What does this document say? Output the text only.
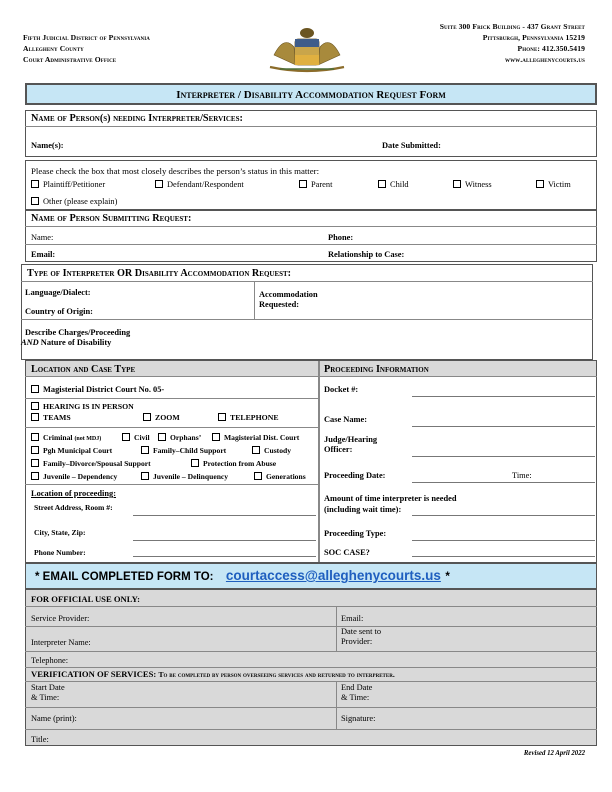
Fifth Judicial District of Pennsylvania
Allegheny County
Court Administrative Office
Suite 300 Frick Building - 437 Grant Street
Pittsburgh, Pennsylvania 15219
Phone: 412.350.5419
www.alleghenycourts.us
Interpreter / Disability Accommodation Request Form
Name of Person(s) needing Interpreter/Services:
Name(s):	Date Submitted:
Please check the box that most closely describes the person’s status in this matter:
Plaintiff/Petitioner	Defendant/Respondent	Parent	Child	Witness	Victim
Other (please explain)
Name of Person Submitting Request:
Name:	Phone:
Email:	Relationship to Case:
Type of Interpreter OR Disability Accommodation Request:
Language/Dialect:	Accommodation
Requested:
Country of Origin:
Describe Charges/Proceeding
AND Nature of Disability
Location and Case Type	Proceeding Information
Magisterial District Court No. 05-
HEARING IS IN PERSON
TEAMS	ZOOM	TELEPHONE
Criminal (not MDJ)	Civil	Orphans’	Magisterial Dist. Court
Pgh Municipal Court	Family–Child Support	Custody
Family–Divorce/Spousal Support	Protection from Abuse
Juvenile – Dependency	Juvenile – Delinquency	Generations
Location of proceeding:
Street Address, Room #:
City, State, Zip:
Phone Number:
Docket #:
Case Name:
Judge/Hearing
Officer:
Proceeding Date:	Time:
Amount of time interpreter is needed
(including wait time):
Proceeding Type:
SOC CASE?
* EMAIL COMPLETED FORM TO: courtaccess@alleghenycourts.us *
FOR OFFICIAL USE ONLY:
Service Provider:	Email:
Date sent to
Provider:
Interpreter Name:
Telephone:
VERIFICATION OF SERVICES: To be completed by person overseeing services and returned to interpreter.
Start Date
& Time:
End Date
& Time:
Name (print):	Signature:
Title:
Revised 12 April 2022
